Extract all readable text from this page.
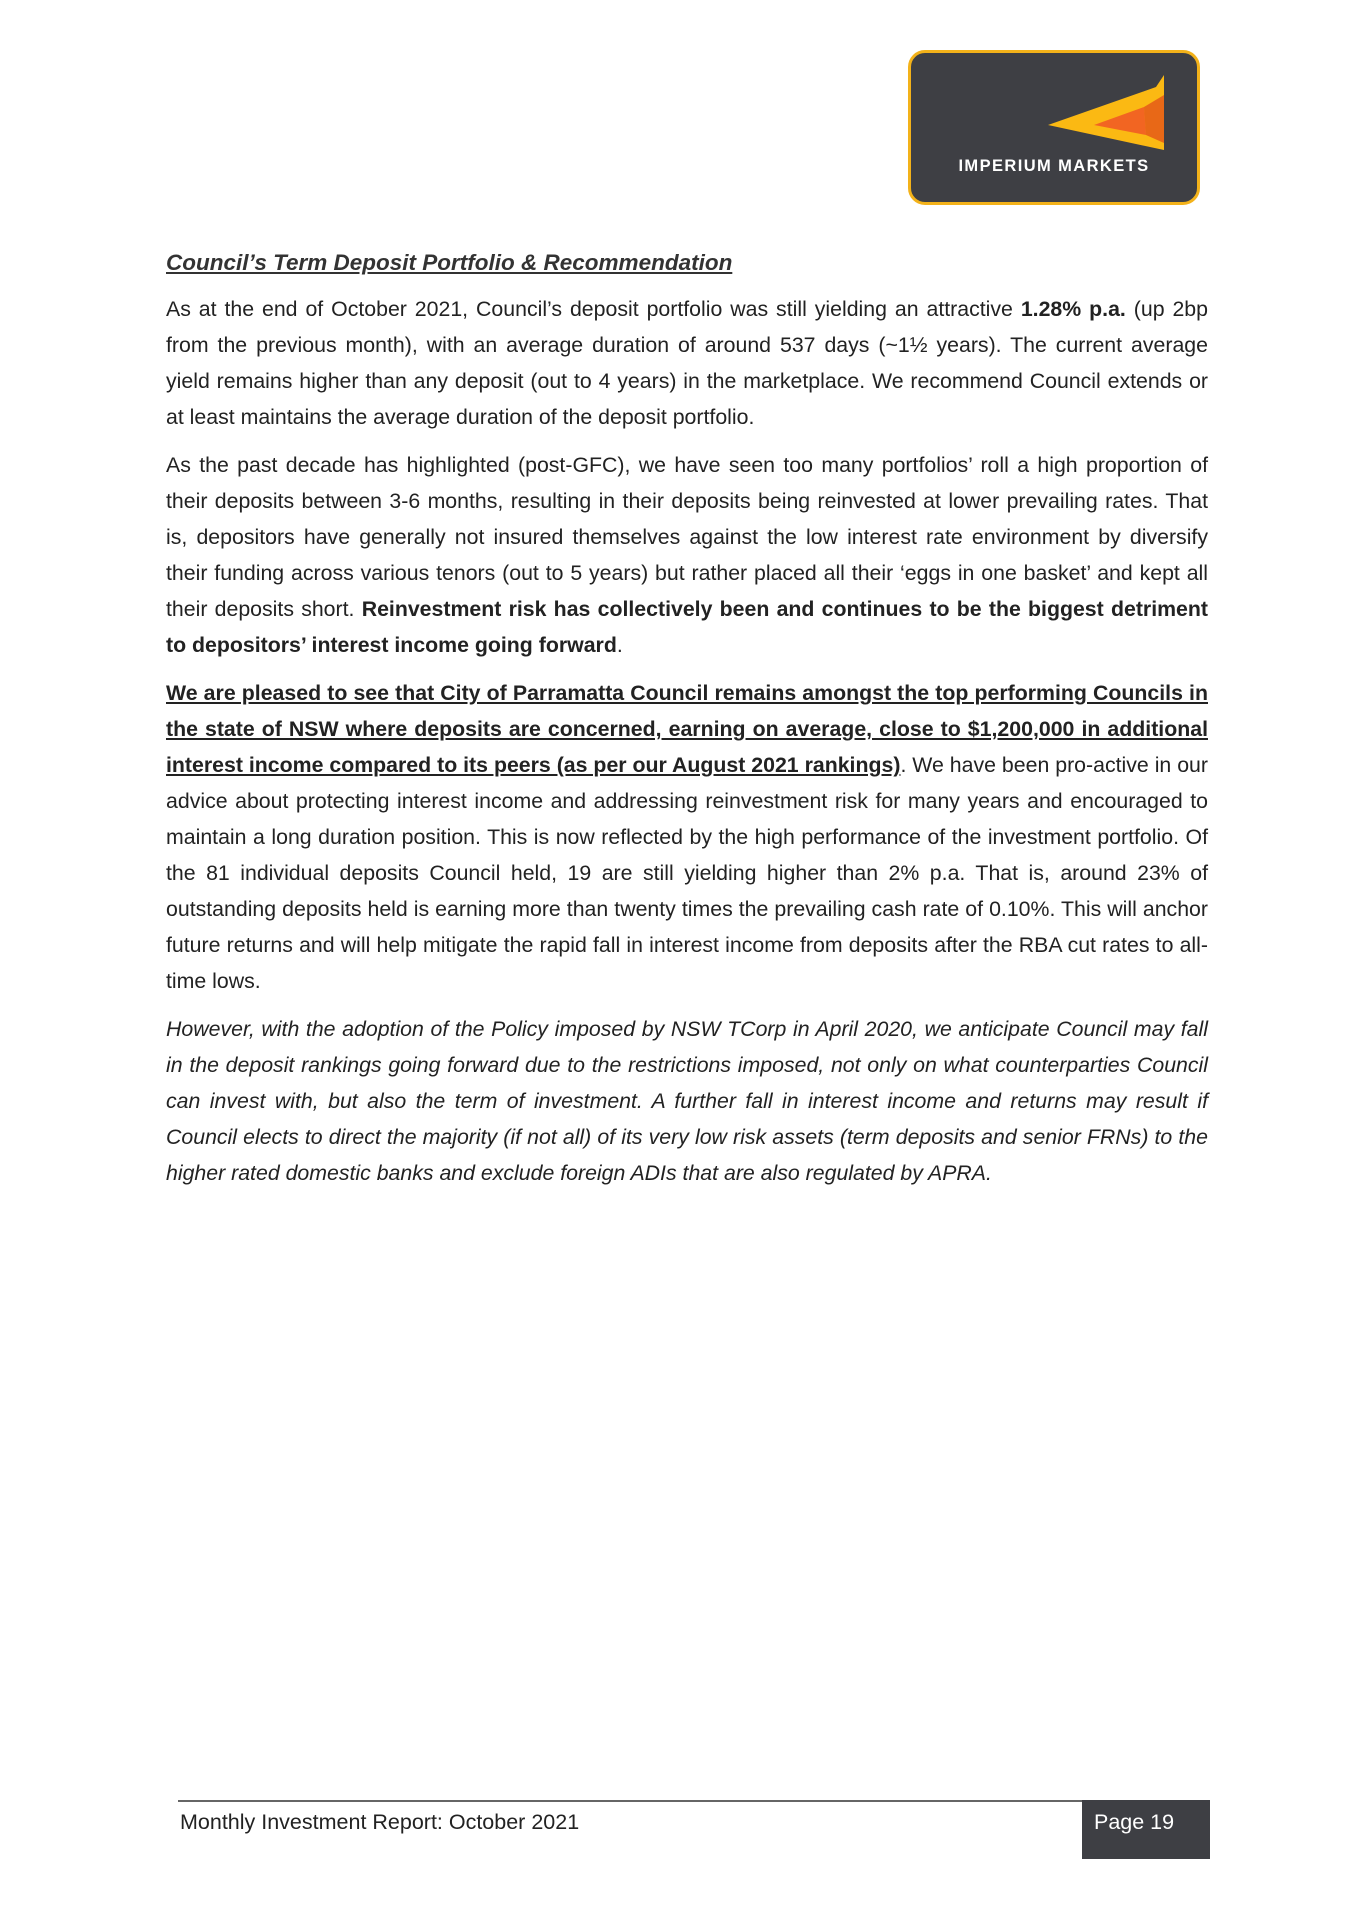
IMPERIUM MARKETS

Council’s Term Deposit Portfolio & Recommendation

As at the end of October 2021, Council’s deposit portfolio was still yielding an attractive 1.28% p.a. (up 2bp from the previous month), with an average duration of around 537 days (~1½ years). The current average yield remains higher than any deposit (out to 4 years) in the marketplace. We recommend Council extends or at least maintains the average duration of the deposit portfolio.

As the past decade has highlighted (post-GFC), we have seen too many portfolios’ roll a high proportion of their deposits between 3-6 months, resulting in their deposits being reinvested at lower prevailing rates. That is, depositors have generally not insured themselves against the low interest rate environment by diversify their funding across various tenors (out to 5 years) but rather placed all their ‘eggs in one basket’ and kept all their deposits short. Reinvestment risk has collectively been and continues to be the biggest detriment to depositors’ interest income going forward.

We are pleased to see that City of Parramatta Council remains amongst the top performing Councils in the state of NSW where deposits are concerned, earning on average, close to $1,200,000 in additional interest income compared to its peers (as per our August 2021 rankings). We have been pro-active in our advice about protecting interest income and addressing reinvestment risk for many years and encouraged to maintain a long duration position. This is now reflected by the high performance of the investment portfolio. Of the 81 individual deposits Council held, 19 are still yielding higher than 2% p.a. That is, around 23% of outstanding deposits held is earning more than twenty times the prevailing cash rate of 0.10%. This will anchor future returns and will help mitigate the rapid fall in interest income from deposits after the RBA cut rates to all-time lows.

However, with the adoption of the Policy imposed by NSW TCorp in April 2020, we anticipate Council may fall in the deposit rankings going forward due to the restrictions imposed, not only on what counterparties Council can invest with, but also the term of investment. A further fall in interest income and returns may result if Council elects to direct the majority (if not all) of its very low risk assets (term deposits and senior FRNs) to the higher rated domestic banks and exclude foreign ADIs that are also regulated by APRA.

Monthly Investment Report: October 2021	Page 19
